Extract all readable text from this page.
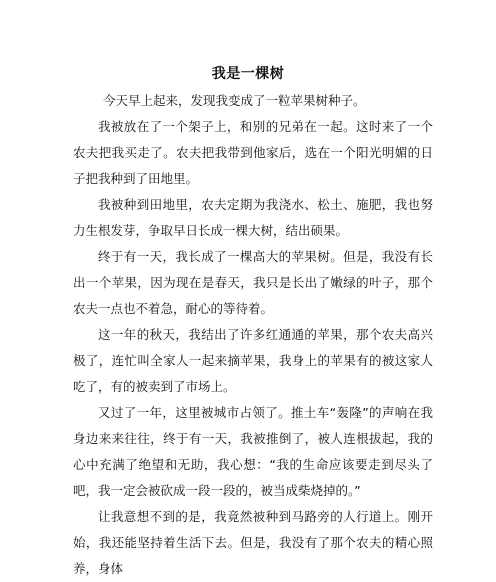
我是一棵树

今天早上起来，发现我变成了一粒苹果树种子。

我被放在了一个架子上，和别的兄弟在一起。这时来了一个农夫把我买走了。农夫把我带到他家后，选在一个阳光明媚的日子把我种到了田地里。

我被种到田地里，农夫定期为我浇水、松土、施肥，我也努力生根发芽，争取早日长成一棵大树，结出硕果。

终于有一天，我长成了一棵高大的苹果树。但是，我没有长出一个苹果，因为现在是春天，我只是长出了嫩绿的叶子，那个农夫一点也不着急，耐心的等待着。

这一年的秋天，我结出了许多红通通的苹果，那个农夫高兴极了，连忙叫全家人一起来摘苹果，我身上的苹果有的被这家人吃了，有的被卖到了市场上。

又过了一年，这里被城市占领了。推土车“轰隆”的声响在我身边来来往往，终于有一天，我被推倒了，被人连根拔起，我的心中充满了绝望和无助，我心想：“我的生命应该要走到尽头了吧，我一定会被砍成一段一段的，被当成柴烧掉的。”

让我意想不到的是，我竟然被种到马路旁的人行道上。刚开始，我还能坚持着生活下去。但是，我没有了那个农夫的精心照养，身体
